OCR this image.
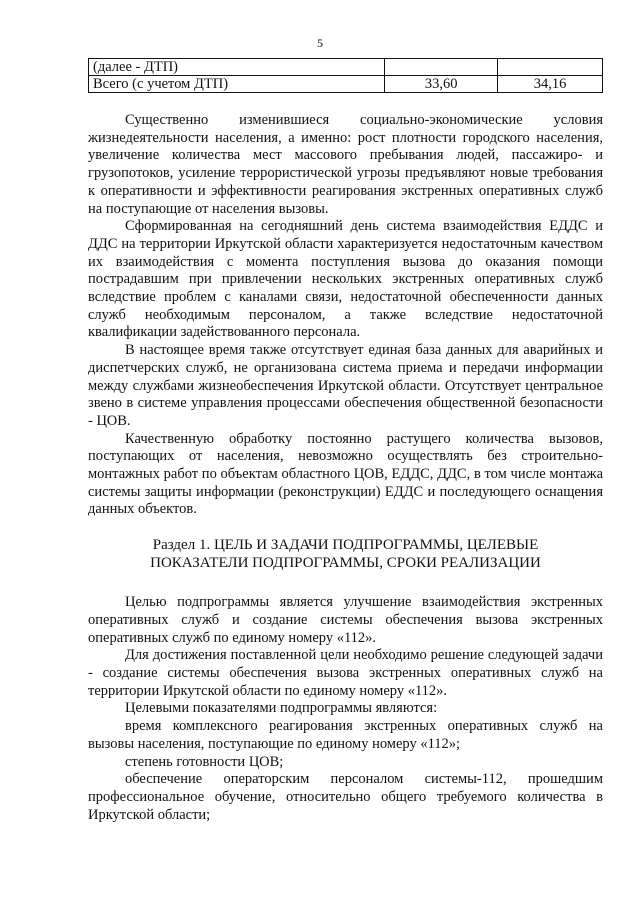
5
(далее - ДТП)		
Всего (с учетом ДТП)	33,60	34,16

Существенно изменившиеся социально-экономические условия жизнедеятельности населения, а именно: рост плотности городского населения, увеличение количества мест массового пребывания людей, пассажиро- и грузопотоков, усиление террористической угрозы предъявляют новые требования к оперативности и эффективности реагирования экстренных оперативных служб на поступающие от населения вызовы.

Сформированная на сегодняшний день система взаимодействия ЕДДС и ДДС на территории Иркутской области характеризуется недостаточным качеством их взаимодействия с момента поступления вызова до оказания помощи пострадавшим при привлечении нескольких экстренных оперативных служб вследствие проблем с каналами связи, недостаточной обеспеченности данных служб необходимым персоналом, а также вследствие недостаточной квалификации задействованного персонала.

В настоящее время также отсутствует единая база данных для аварийных и диспетчерских служб, не организована система приема и передачи информации между службами жизнеобеспечения Иркутской области. Отсутствует центральное звено в системе управления процессами обеспечения общественной безопасности - ЦОВ.

Качественную обработку постоянно растущего количества вызовов, поступающих от населения, невозможно осуществлять без строительно-монтажных работ по объектам областного ЦОВ, ЕДДС, ДДС, в том числе монтажа системы защиты информации (реконструкции) ЕДДС и последующего оснащения данных объектов.

Раздел 1. ЦЕЛЬ И ЗАДАЧИ ПОДПРОГРАММЫ, ЦЕЛЕВЫЕ
ПОКАЗАТЕЛИ ПОДПРОГРАММЫ, СРОКИ РЕАЛИЗАЦИИ

Целью подпрограммы является улучшение взаимодействия экстренных оперативных служб и создание системы обеспечения вызова экстренных оперативных служб по единому номеру «112».

Для достижения поставленной цели необходимо решение следующей задачи - создание системы обеспечения вызова экстренных оперативных служб на территории Иркутской области по единому номеру «112».

Целевыми показателями подпрограммы являются:

время комплексного реагирования экстренных оперативных служб на вызовы населения, поступающие по единому номеру «112»;

степень готовности ЦОВ;

обеспечение операторским персоналом системы-112, прошедшим профессиональное обучение, относительно общего требуемого количества в Иркутской области;
